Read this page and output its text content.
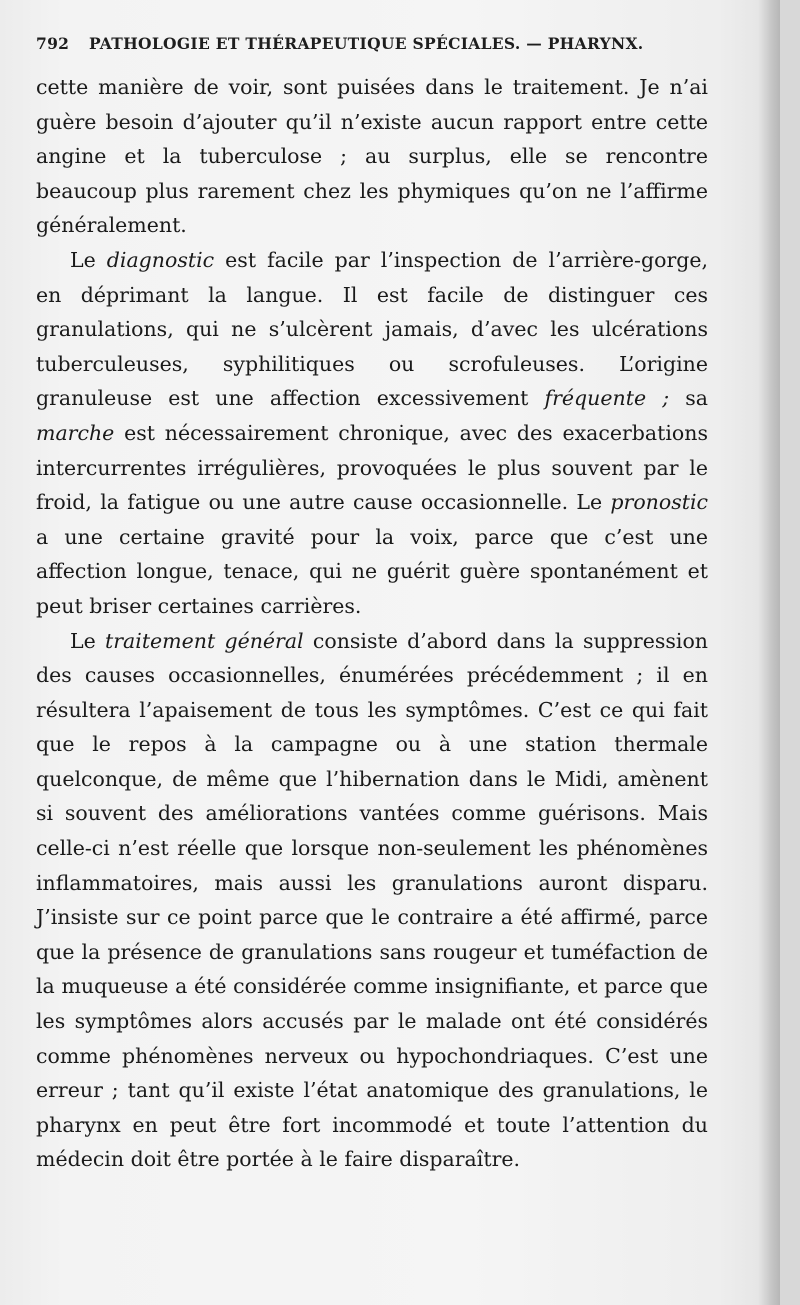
792 PATHOLOGIE ET THÉRAPEUTIQUE SPÉCIALES. — PHARYNX.

cette manière de voir, sont puisées dans le traitement. Je n’ai guère besoin d’ajouter qu’il n’existe aucun rapport entre cette angine et la tuberculose ; au surplus, elle se rencontre beaucoup plus rarement chez les phymiques qu’on ne l’affirme généralement.

Le diagnostic est facile par l’inspection de l’arrière-gorge, en déprimant la langue. Il est facile de distinguer ces granulations, qui ne s’ulcèrent jamais, d’avec les ulcérations tuberculeuses, syphilitiques ou scrofuleuses. L’origine granuleuse est une affection excessivement fréquente ; sa marche est nécessairement chronique, avec des exacerbations intercurrentes irrégulières, provoquées le plus souvent par le froid, la fatigue ou une autre cause occasionnelle. Le pronostic a une certaine gravité pour la voix, parce que c’est une affection longue, tenace, qui ne guérit guère spontanément et peut briser certaines carrières.

Le traitement général consiste d’abord dans la suppression des causes occasionnelles, énumérées précédemment ; il en résultera l’apaisement de tous les symptômes. C’est ce qui fait que le repos à la campagne ou à une station thermale quelconque, de même que l’hibernation dans le Midi, amènent si souvent des améliorations vantées comme guérisons. Mais celle-ci n’est réelle que lorsque non-seulement les phénomènes inflammatoires, mais aussi les granulations auront disparu. J’insiste sur ce point parce que le contraire a été affirmé, parce que la présence de granulations sans rougeur et tuméfaction de la muqueuse a été considérée comme insignifiante, et parce que les symptômes alors accusés par le malade ont été considérés comme phénomènes nerveux ou hypochondriaques. C’est une erreur ; tant qu’il existe l’état anatomique des granulations, le pharynx en peut être fort incommodé et toute l’attention du médecin doit être portée à le faire disparaître.
